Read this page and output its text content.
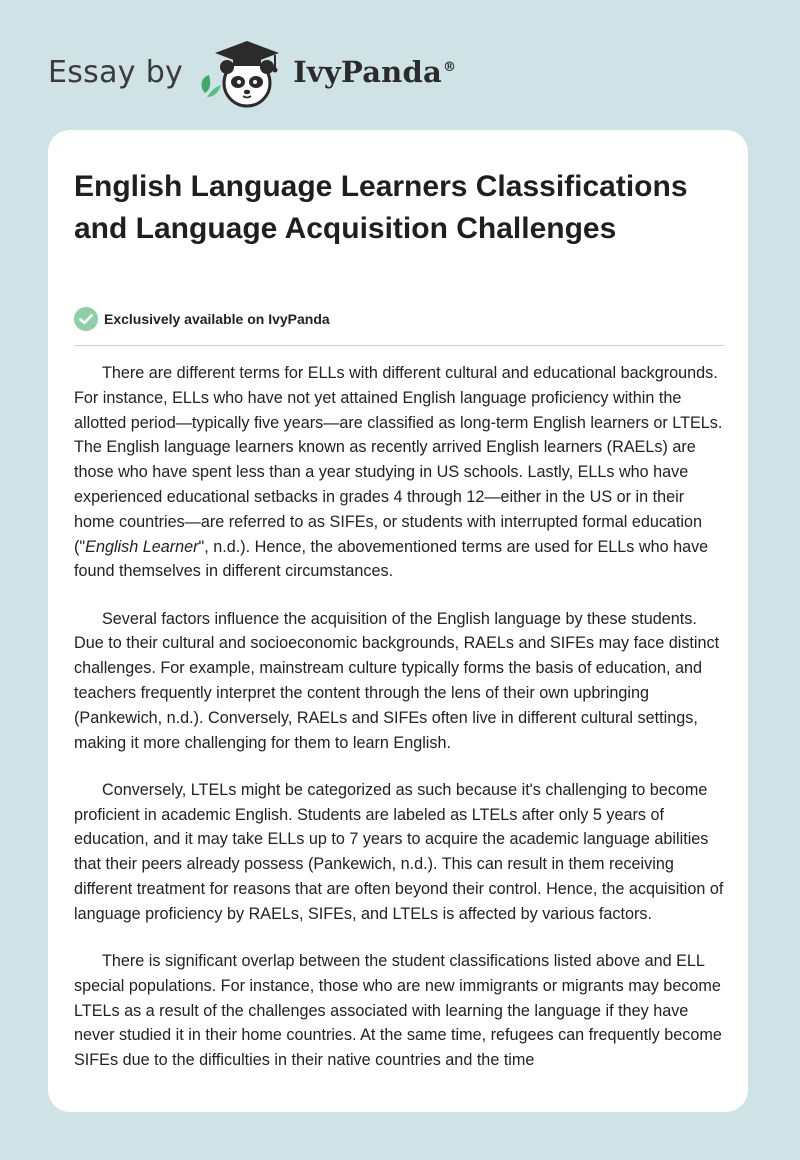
Essay by	IvyPanda®
English Language Learners Classifications and Language Acquisition Challenges
Exclusively available on IvyPanda

There are different terms for ELLs with different cultural and educational backgrounds. For instance, ELLs who have not yet attained English language proficiency within the allotted period—typically five years—are classified as long-term English learners or LTELs. The English language learners known as recently arrived English learners (RAELs) are those who have spent less than a year studying in US schools. Lastly, ELLs who have experienced educational setbacks in grades 4 through 12—either in the US or in their home countries—are referred to as SIFEs, or students with interrupted formal education ("English Learner", n.d.). Hence, the abovementioned terms are used for ELLs who have found themselves in different circumstances.

Several factors influence the acquisition of the English language by these students. Due to their cultural and socioeconomic backgrounds, RAELs and SIFEs may face distinct challenges. For example, mainstream culture typically forms the basis of education, and teachers frequently interpret the content through the lens of their own upbringing (Pankewich, n.d.). Conversely, RAELs and SIFEs often live in different cultural settings, making it more challenging for them to learn English.

Conversely, LTELs might be categorized as such because it's challenging to become proficient in academic English. Students are labeled as LTELs after only 5 years of education, and it may take ELLs up to 7 years to acquire the academic language abilities that their peers already possess (Pankewich, n.d.). This can result in them receiving different treatment for reasons that are often beyond their control. Hence, the acquisition of language proficiency by RAELs, SIFEs, and LTELs is affected by various factors.

There is significant overlap between the student classifications listed above and ELL special populations. For instance, those who are new immigrants or migrants may become LTELs as a result of the challenges associated with learning the language if they have never studied it in their home countries. At the same time, refugees can frequently become SIFEs due to the difficulties in their native countries and the time
